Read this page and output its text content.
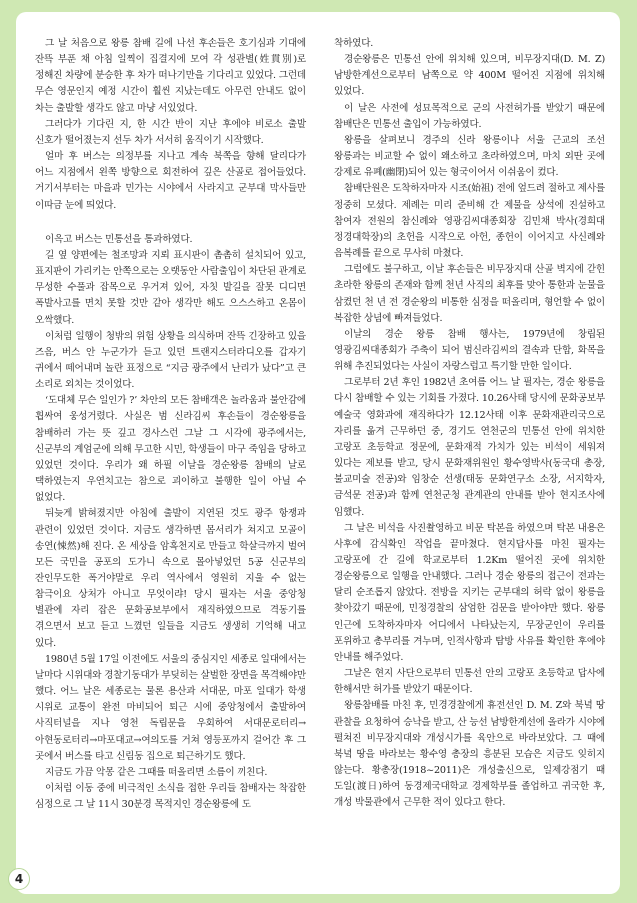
그 날 처음으로 왕릉 참배 길에 나선 후손들은 호기심과 기대에 잔뜩 부푼 채 아침 일찍이 집결지에 모여 각 성관별(姓貫別)로 정해진 차량에 분승한 후 차가 떠나기만을 기다리고 있었다. 그런데 무슨 영문인지 예정 시간이 훨씬 지났는데도 아무런 안내도 없이 차는 출발할 생각도 않고 마냥 서있었다.

그러다가 기다린 지, 한 시간 반이 지난 후에야 비로소 출발 신호가 떨어졌는지 선두 차가 서서히 움직이기 시작했다.

얼마 후 버스는 의정부를 지나고 계속 북쪽을 향해 달리다가 어느 지점에서 왼쪽 방향으로 회전하여 깊은 산골로 접어들었다. 거기서부터는 마을과 민가는 시야에서 사라지고 군부대 막사들만 이따금 눈에 띄었다.

이윽고 버스는 민통선을 통과하였다.

길 옆 양편에는 철조망과 지뢰 표시판이 촘촘히 설치되어 있고, 표지판이 가리키는 안쪽으로는 오랫동안 사람출입이 차단된 관계로 무성한 수풀과 잡목으로 우거져 있어, 자칫 발길을 잘못 디디면 폭발사고를 면치 못할 것만 같아 생각만 해도 으스스하고 온몸이 오싹했다.

이처럼 일행이 청밖의 위험 상황을 의식하며 잔뜩 긴장하고 있을 즈음, 버스 안 누군가가 듣고 있던 트랜지스터라디오를 갑자기 귀에서 떼어내며 놀란 표정으로 “지금 광주에서 난리가 났다”고 큰 소리로 외치는 것이었다.

‘도대체 무슨 일인가 ?’ 차안의 모든 참배객은 놀라움과 불안감에 휩싸여 웅성거렸다. 사실은 범 신라김씨 후손들이 경순왕릉을 참배하러 가는 뜻 깊고 경사스런 그날 그 시각에 광주에서는, 신군부의 계엄군에 의해 무고한 시민, 학생들이 마구 죽임을 당하고 있었던 것이다. 우리가 왜 하필 이날을 경순왕릉 참배의 날로 택하였는지 우연치고는 참으로 괴이하고 불행한 일이 아닐 수 없었다.

뒤늦게 밝혀졌지만 아침에 출발이 지연된 것도 광주 항쟁과 관련이 있었던 것이다. 지금도 생각하면 몸서리가 쳐지고 모골이 송연(悚然)해 진다. 온 세상을 암흑천지로 만들고 학살극까지 벌여 모든 국민을 공포의 도가니 속으로 몰아넣었던 5공 신군부의 잔인무도한 폭거야말로 우리 역사에서 영원히 지울 수 없는 참극이요 상처가 아니고 무엇이랴! 당시 필자는 서울 중앙청 별관에 자리 잡은 문화공보부에서 재직하였으므로 격동기를 겪으면서 보고 듣고 느꼈던 일들을 지금도 생생히 기억해 내고 있다.

1980년 5월 17일 이전에도 서울의 중심지인 세종로 일대에서는 날마다 시위대와 경찰기동대가 부딪히는 살벌한 장면을 목격해야만 했다. 어느 날은 세종로는 물론 용산과 서대문, 마포 일대가 학생 시위로 교통이 완전 마비되어 퇴근 시에 중앙청에서 출발하여 사직터널을 지나 영천 독립문을 우회하여 서대문로터리→아현동로터리→마포대교→여의도를 거쳐 영등포까지 걸어간 후 그 곳에서 버스를 타고 신림동 집으로 퇴근하기도 했다.

지금도 가끔 악몽 같은 그때를 떠올리면 소름이 끼친다.

이처럼 이동 중에 비극적인 소식을 접한 우리들 참배자는 착잡한 심정으로 그 날 11시 30분경 목적지인 경순왕릉에 도

착하였다.

경순왕릉은 민통선 안에 위치해 있으며, 비무장지대(D. M. Z) 남방한계선으로부터 남쪽으로 약 400M 떨어진 지점에 위치해 있었다.

이 날은 사전에 성묘목적으로 군의 사전허가를 받았기 때문에 참배단은 민통선 출입이 가능하였다.

왕릉을 살펴보니 경주의 신라 왕릉이나 서울 근교의 조선 왕릉과는 비교할 수 없이 왜소하고 초라하였으며, 마치 외딴 곳에 강제로 유폐(幽閉)되어 있는 형국이어서 이쉬움이 컸다.

참배단원은 도착하자마자 시조(始祖) 전에 엎드려 절하고 제사를 정중히 모셨다. 제례는 미리 준비해 간 제물을 상석에 진설하고 참여자 전원의 참신례와 영광김씨대종회장 김민채 박사(경희대 정경대학장)의 초헌을 시작으로 아헌, 종헌이 이어지고 사신례와 음복례를 끝으로 무사히 마쳤다.

그럼에도 불구하고, 이날 후손들은 비무장지대 산골 벽지에 갇힌 초라한 왕릉의 존재와 함께 천년 사직의 최후를 맞아 통한과 눈물을 삼켰던 천 년 전 경순왕의 비통한 심정을 떠올리며, 형언할 수 없이 복잡한 상념에 빠져들었다.

이날의 경순 왕릉 참배 행사는, 1979년에 창립된 영광김씨대종회가 주축이 되어 범신라김씨의 결속과 단합, 화목을 위해 추진되었다는 사실이 자랑스럽고 특기할 만한 일이다.

그로부터 2년 후인 1982년 초여름 어느 날 필자는, 경순 왕릉을 다시 참배할 수 있는 기회를 가졌다. 10.26사태 당시에 문화공보부 예술국 영화과에 재직하다가 12.12사태 이후 문화재관리국으로 자리를 옮겨 근무하던 중, 경기도 연천군의 민통선 안에 위치한 고랑포 초등학교 정문에, 문화재적 가치가 있는 비석이 세워져 있다는 제보를 받고, 당시 문화재위원인 황수영박사(동국대 총장, 불교미술 전공)와 임창순 선생(태동 문화연구소 소장, 서지학자, 금석문 전공)과 함께 연천군청 관계관의 안내를 받아 현지조사에 임했다.

그 날은 비석을 사진촬영하고 비문 탁본을 하였으며 탁본 내용은 사후에 감식확인 작업을 끝마쳤다. 현지답사를 마친 필자는 고랑포에 간 길에 학교로부터 1.2Km 떨어진 곳에 위치한 경순왕릉으로 일행을 안내했다. 그러나 경순 왕릉의 접근이 전과는 달리 순조롭지 않았다. 전방을 지키는 군부대의 허락 없이 왕릉을 찾아갔기 때문에, 민정경찰의 삼엄한 검문을 받아야만 했다. 왕릉 인근에 도착하자마자 어디에서 나타났는지, 무장군인이 우리를 포위하고 총부리를 겨누며, 인적사항과 탐방 사유를 확인한 후에야 안내를 해주었다.

그날은 현지 사단으로부터 민통선 안의 고랑포 초등학교 답사에 한해서만 허가를 받았기 때문이다.

왕릉참배를 마친 후, 민경경찰에게 휴전선인 D. M. Z와 북녘 땅 관찰을 요청하여 승낙을 받고, 산 능선 남방한계선에 올라가 시야에 펼쳐진 비무장지대와 개성시가를 육안으로 바라보았다. 그 때에 북녘 땅을 바라보는 황수영 총장의 흥분된 모습은 지금도 잊히지 않는다. 황총장(1918~2011)은 개성출신으로, 일제강점기 때 도일(渡日)하여 동경제국대학교 경제학부를 졸업하고 귀국한 후, 개성 박물관에서 근무한 적이 있다고 한다.

4
